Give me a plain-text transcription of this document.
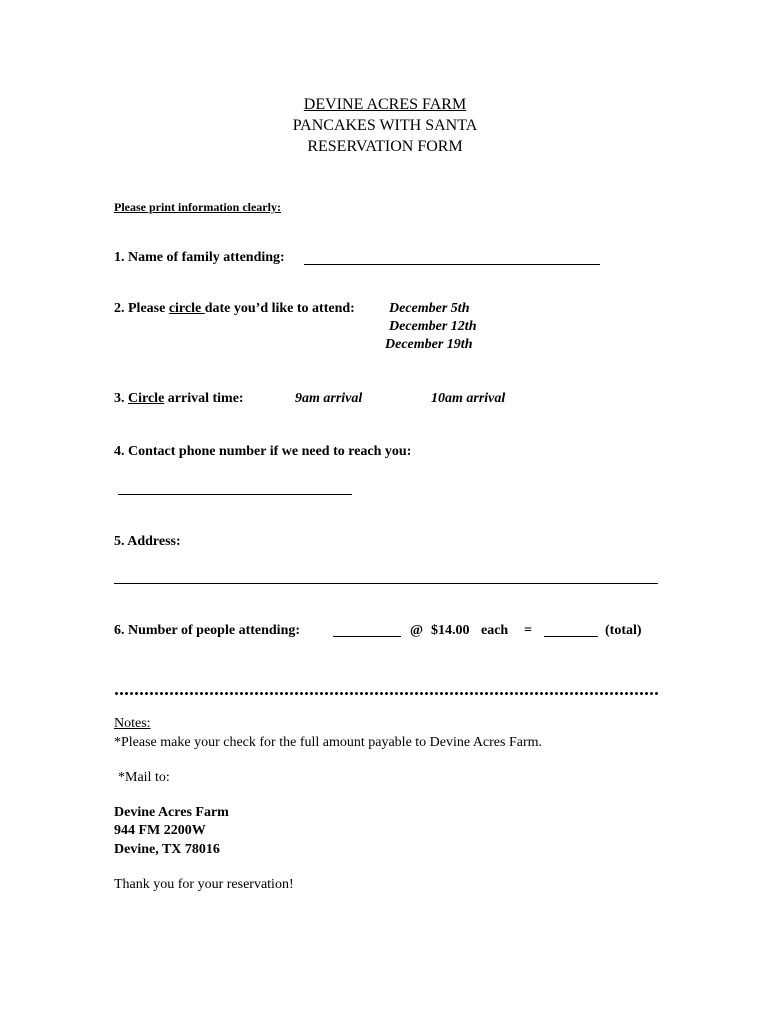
DEVINE ACRES FARM
PANCAKES WITH SANTA
RESERVATION FORM
Please print information clearly:
1. Name of family attending:
2. Please circle date you’d like to attend: December 5th
December 12th
December 19th
3. Circle arrival time:	9am arrival	10am arrival
4. Contact phone number if we need to reach you:
5. Address:
6. Number of people attending:	@ $14.00 each =	(total)
Notes:
*Please make your check for the full amount payable to Devine Acres Farm.
*Mail to:
Devine Acres Farm
944 FM 2200W
Devine, TX 78016
Thank you for your reservation!
